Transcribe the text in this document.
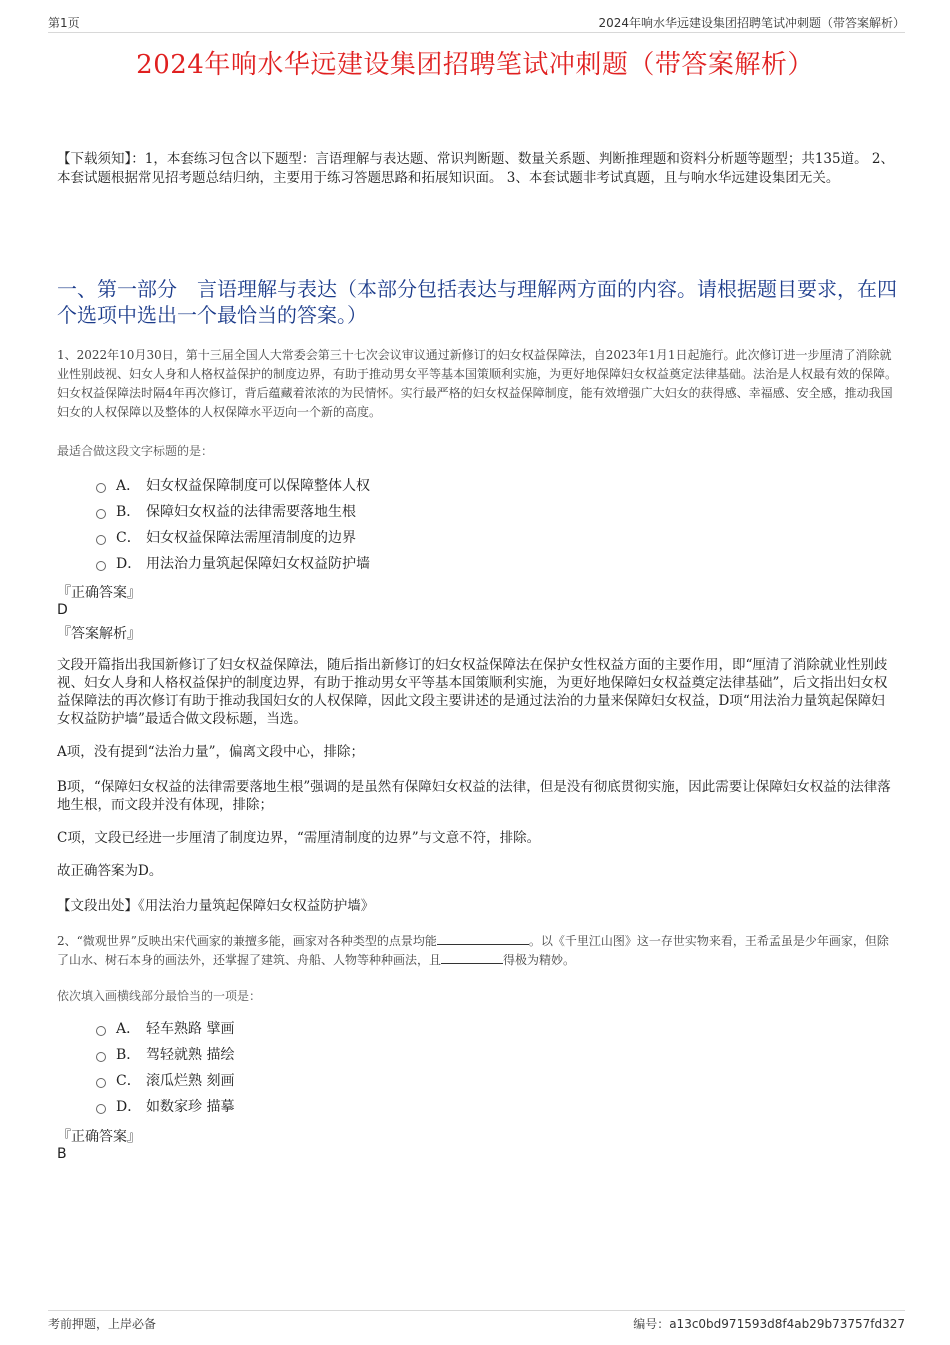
第1页	2024年响水华远建设集团招聘笔试冲刺题（带答案解析）
2024年响水华远建设集团招聘笔试冲刺题（带答案解析）
【下载须知】：1，本套练习包含以下题型：言语理解与表达题、常识判断题、数量关系题、判断推理题和资料分析题等题型；共135道。 2、本套试题根据常见招考题总结归纳，主要用于练习答题思路和拓展知识面。 3、本套试题非考试真题，且与响水华远建设集团无关。
一、第一部分　言语理解与表达（本部分包括表达与理解两方面的内容。请根据题目要求，在四个选项中选出一个最恰当的答案。）
1、2022年10月30日，第十三届全国人大常委会第三十七次会议审议通过新修订的妇女权益保障法，自2023年1月1日起施行。此次修订进一步厘清了消除就业性别歧视、妇女人身和人格权益保护的制度边界，有助于推动男女平等基本国策顺利实施，为更好地保障妇女权益奠定法律基础。法治是人权最有效的保障。妇女权益保障法时隔4年再次修订，背后蕴藏着浓浓的为民情怀。实行最严格的妇女权益保障制度，能有效增强广大妇女的获得感、幸福感、安全感，推动我国妇女的人权保障以及整体的人权保障水平迈向一个新的高度。
最适合做这段文字标题的是：
A． 妇女权益保障制度可以保障整体人权
B． 保障妇女权益的法律需要落地生根
C． 妇女权益保障法需厘清制度的边界
D． 用法治力量筑起保障妇女权益防护墙
『正确答案』
D
『答案解析』
文段开篇指出我国新修订了妇女权益保障法，随后指出新修订的妇女权益保障法在保护女性权益方面的主要作用，即“厘清了消除就业性别歧视、妇女人身和人格权益保护的制度边界，有助于推动男女平等基本国策顺利实施，为更好地保障妇女权益奠定法律基础”，后文指出妇女权益保障法的再次修订有助于推动我国妇女的人权保障，因此文段主要讲述的是通过法治的力量来保障妇女权益，D项“用法治力量筑起保障妇女权益防护墙”最适合做文段标题，当选。
A项，没有提到“法治力量”，偏离文段中心，排除；
B项，“保障妇女权益的法律需要落地生根”强调的是虽然有保障妇女权益的法律，但是没有彻底贯彻实施，因此需要让保障妇女权益的法律落地生根，而文段并没有体现，排除；
C项，文段已经进一步厘清了制度边界，“需厘清制度的边界”与文意不符，排除。
故正确答案为D。
【文段出处】《用法治力量筑起保障妇女权益防护墙》
2、“微观世界”反映出宋代画家的兼擅多能，画家对各种类型的点景均能	。以《千里江山图》这一存世实物来看，王希孟虽是少年画家，但除了山水、树石本身的画法外，还掌握了建筑、舟船、人物等种种画法，且	得极为精妙。
依次填入画横线部分最恰当的一项是：
A． 轻车熟路 擘画
B． 驾轻就熟 描绘
C． 滚瓜烂熟 刻画
D． 如数家珍 描摹
『正确答案』
B
考前押题，上岸必备	编号：a13c0bd971593d8f4ab29b73757fd327
